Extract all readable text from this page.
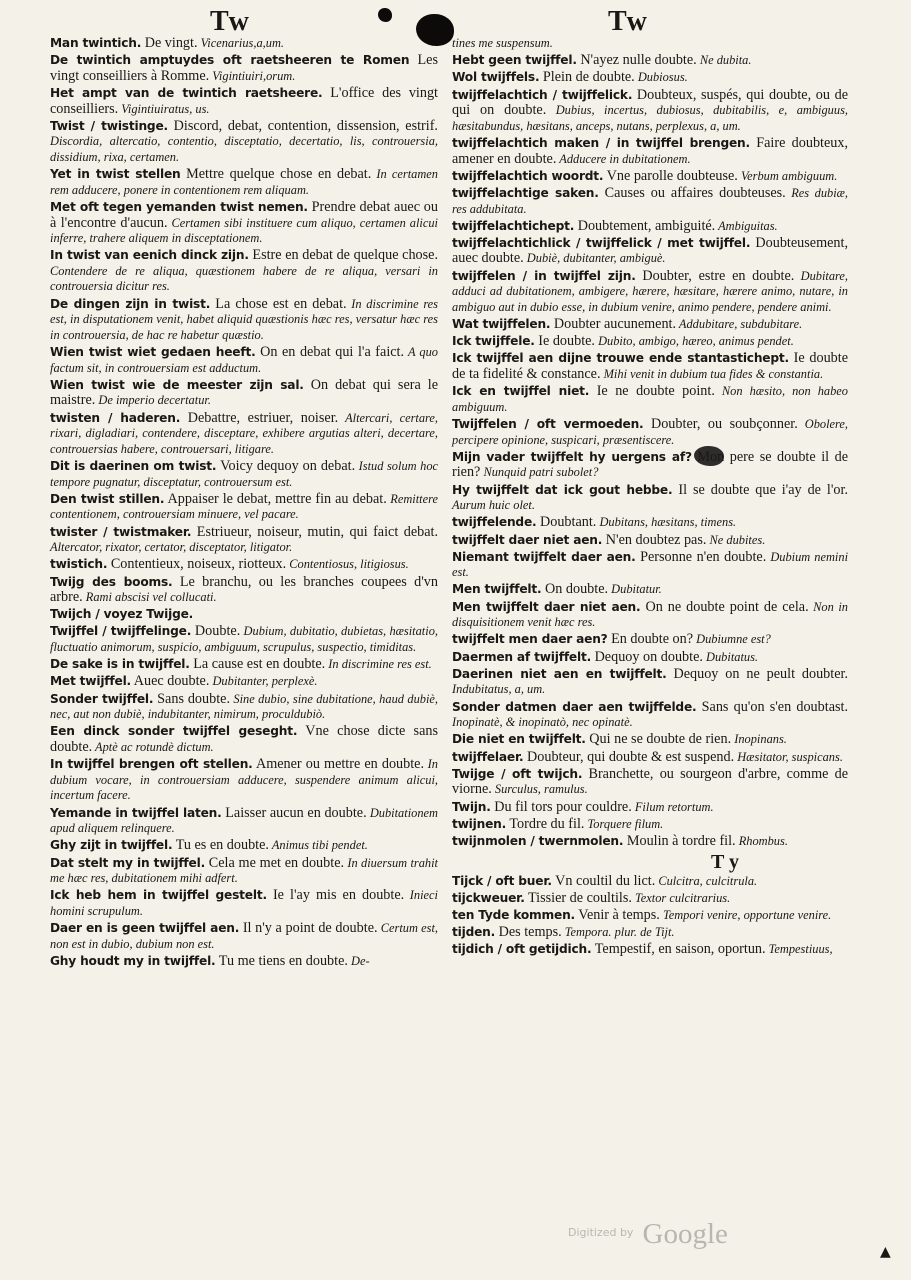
Tw	Tw
Man twintich. De vingt. Vicenarius,a,um.
De twintich amptuydes oft raetsheeren te Romen Les vingt conseilliers à Romme. Vigintiuiri,orum.
Het ampt van de twintich raetsheere. L'office des vingt conseilliers. Vigintiuiratus, us.
Twist / twistinge. Discord, debat, contention, dissension, estrif. Discordia, altercatio, contentio, disceptatio, decertatio, lis, controuersia, dissidium, rixa, certamen.
Yet in twist stellen Mettre quelque chose en debat. In certamen rem adducere, ponere in contentionem rem aliquam.
Met oft tegen yemanden twist nemen. Prendre debat auec ou à l'encontre d'aucun. Certamen sibi instituere cum aliquo, certamen alicui inferre, trahere aliquem in disceptationem.
In twist van eenich dinck zijn. Estre en debat de quelque chose. Contendere de re aliqua, quæstionem habere de re aliqua, versari in controuersia dicitur res.
De dingen zijn in twist. La chose est en debat. In discrimine res est, in disputationem venit, habet aliquid quæstionis hæc res, versatur hæc res in controuersia, de hac re habetur quæstio.
Wien twist wiet gedaen heeft. On en debat qui l'a faict. A quo factum sit, in controuersiam est adductum.
Wien twist wie de meester zijn sal. On debat qui sera le maistre. De imperio decertatur.
twisten / haderen. Debattre, estriuer, noiser. Altercari, certare, rixari, digladiari, contendere, disceptare, exhibere argutias alteri, decertare, controuersias habere, controuersari, litigare.
Dit is daerinen om twist. Voicy dequoy on debat. Istud solum hoc tempore pugnatur, disceptatur, controuersum est.
Den twist stillen. Appaiser le debat, mettre fin au debat. Remittere contentionem, controuersiam minuere, vel pacare.
twister / twistmaker. Estriueur, noiseur, mutin, qui faict debat. Altercator, rixator, certator, disceptator, litigator.
twistich. Contentieux, noiseux, riotteux. Contentiosus, litigiosus.
Twijg des booms. Le branchu, ou les branches coupees d'vn arbre. Rami abscisi vel collucati.
Twijch / voyez Twijge.
Twijffel / twijffelinge. Doubte. Dubium, dubitatio, dubietas, hæsitatio, fluctuatio animorum, suspicio, ambiguum, scrupulus, suspectio, timiditas.
De sake is in twijffel. La cause est en doubte. In discrimine res est.
Met twijffel. Auec doubte. Dubitanter, perplexè.
Sonder twijffel. Sans doubte. Sine dubio, sine dubitatione, haud dubiè, nec, aut non dubiè, indubitanter, nimirum, proculdubiò.
Een dinck sonder twijffel geseght. Vne chose dicte sans doubte. Aptè ac rotundè dictum.
In twijffel brengen oft stellen. Amener ou mettre en doubte. In dubium vocare, in controuersiam adducere, suspendere animum alicui, incertum facere.
Yemande in twijffel laten. Laisser aucun en doubte. Dubitationem apud aliquem relinquere.
Ghy zijt in twijffel. Tu es en doubte. Animus tibi pendet.
Dat stelt my in twijffel. Cela me met en doubte. In diuersum trahit me hæc res, dubitationem mihi adfert.
Ick heb hem in twijffel gestelt. Ie l'ay mis en doubte. Inieci homini scrupulum.
Daer en is geen twijffel aen. Il n'y a point de doubte. Certum est, non est in dubio, dubium non est.
Ghy houdt my in twijffel. Tu me tiens en doubte. De-
tines me suspensum.
Hebt geen twijffel. N'ayez nulle doubte. Ne dubita.
Wol twijffels. Plein de doubte. Dubiosus.
twijffelachtich / twijffelick. Doubteux, suspés, qui doubte, ou de qui on doubte. Dubius, incertus, dubiosus, dubitabilis, e, ambiguus, hæsitabundus, hæsitans, anceps, nutans, perplexus, a, um.
twijffelachtich maken / in twijffel brengen. Faire doubteux, amener en doubte. Adducere in dubitationem.
twijffelachtich woordt. Vne parolle doubteuse. Verbum ambiguum.
twijffelachtige saken. Causes ou affaires doubteuses. Res dubiæ, res addubitata.
twijffelachtichept. Doubtement, ambiguité. Ambiguitas.
twijffelachtichlick / twijffelick / met twijffel. Doubteusement, auec doubte. Dubiè, dubitanter, ambiguè.
twijffelen / in twijffel zijn. Doubter, estre en doubte. Dubitare, adduci ad dubitationem, ambigere, hærere, hæsitare, hærere animo, nutare, in ambiguo aut in dubio esse, in dubium venire, animo pendere, pendere animi.
Wat twijffelen. Doubter aucunement. Addubitare, subdubitare.
Ick twijffele. Ie doubte. Dubito, ambigo, hæreo, animus pendet.
Ick twijffel aen dijne trouwe ende stantastichept. Ie doubte de ta fidelité & constance. Mihi venit in dubium tua fides & constantia.
Ick en twijffel niet. Ie ne doubte point. Non hæsito, non habeo ambiguum.
Twijffelen / oft vermoeden. Doubter, ou soubçonner. Obolere, percipere opinione, suspicari, præsentiscere.
Mijn vader twijffelt hy uergens af? Mon pere se doubte il de rien? Nunquid patri subolet?
Hy twijffelt dat ick gout hebbe. Il se doubte que i'ay de l'or. Aurum huic olet.
twijffelende. Doubtant. Dubitans, hæsitans, timens.
twijffelt daer niet aen. N'en doubtez pas. Ne dubites.
Niemant twijffelt daer aen. Personne n'en doubte. Dubium nemini est.
Men twijffelt. On doubte. Dubitatur.
Men twijffelt daer niet aen. On ne doubte point de cela. Non in disquisitionem venit hæc res.
twijffelt men daer aen? En doubte on? Dubiumne est?
Daermen af twijffelt. Dequoy on doubte. Dubitatus.
Daerinen niet aen en twijffelt. Dequoy on ne peult doubter. Indubitatus, a, um.
Sonder datmen daer aen twijffelde. Sans qu'on s'en doubtast. Inopinatè, & inopinatò, nec opinatè.
Die niet en twijffelt. Qui ne se doubte de rien. Inopinans.
twijffelaer. Doubteur, qui doubte & est suspend. Hæsitator, suspicans.
Twijge / oft twijch. Branchette, ou sourgeon d'arbre, comme de viorne. Surculus, ramulus.
Twijn. Du fil tors pour couldre. Filum retortum.
twijnen. Tordre du fil. Torquere filum.
twijnmolen / twernmolen. Moulin à tordre fil. Rhombus.
T y
Tijck / oft buer. Vn coultil du lict. Culcitra, culcitrula.
tijckweuer. Tissier de coultils. Textor culcitrarius.
ten Tyde kommen. Venir à temps. Tempori venire, opportune venire.
tijden. Des temps. Tempora. plur. de Tijt.
tijdich / oft getijdich. Tempestif, en saison, oportun. Tempestiuus,
$^{Digitized by}$ Google
▲
